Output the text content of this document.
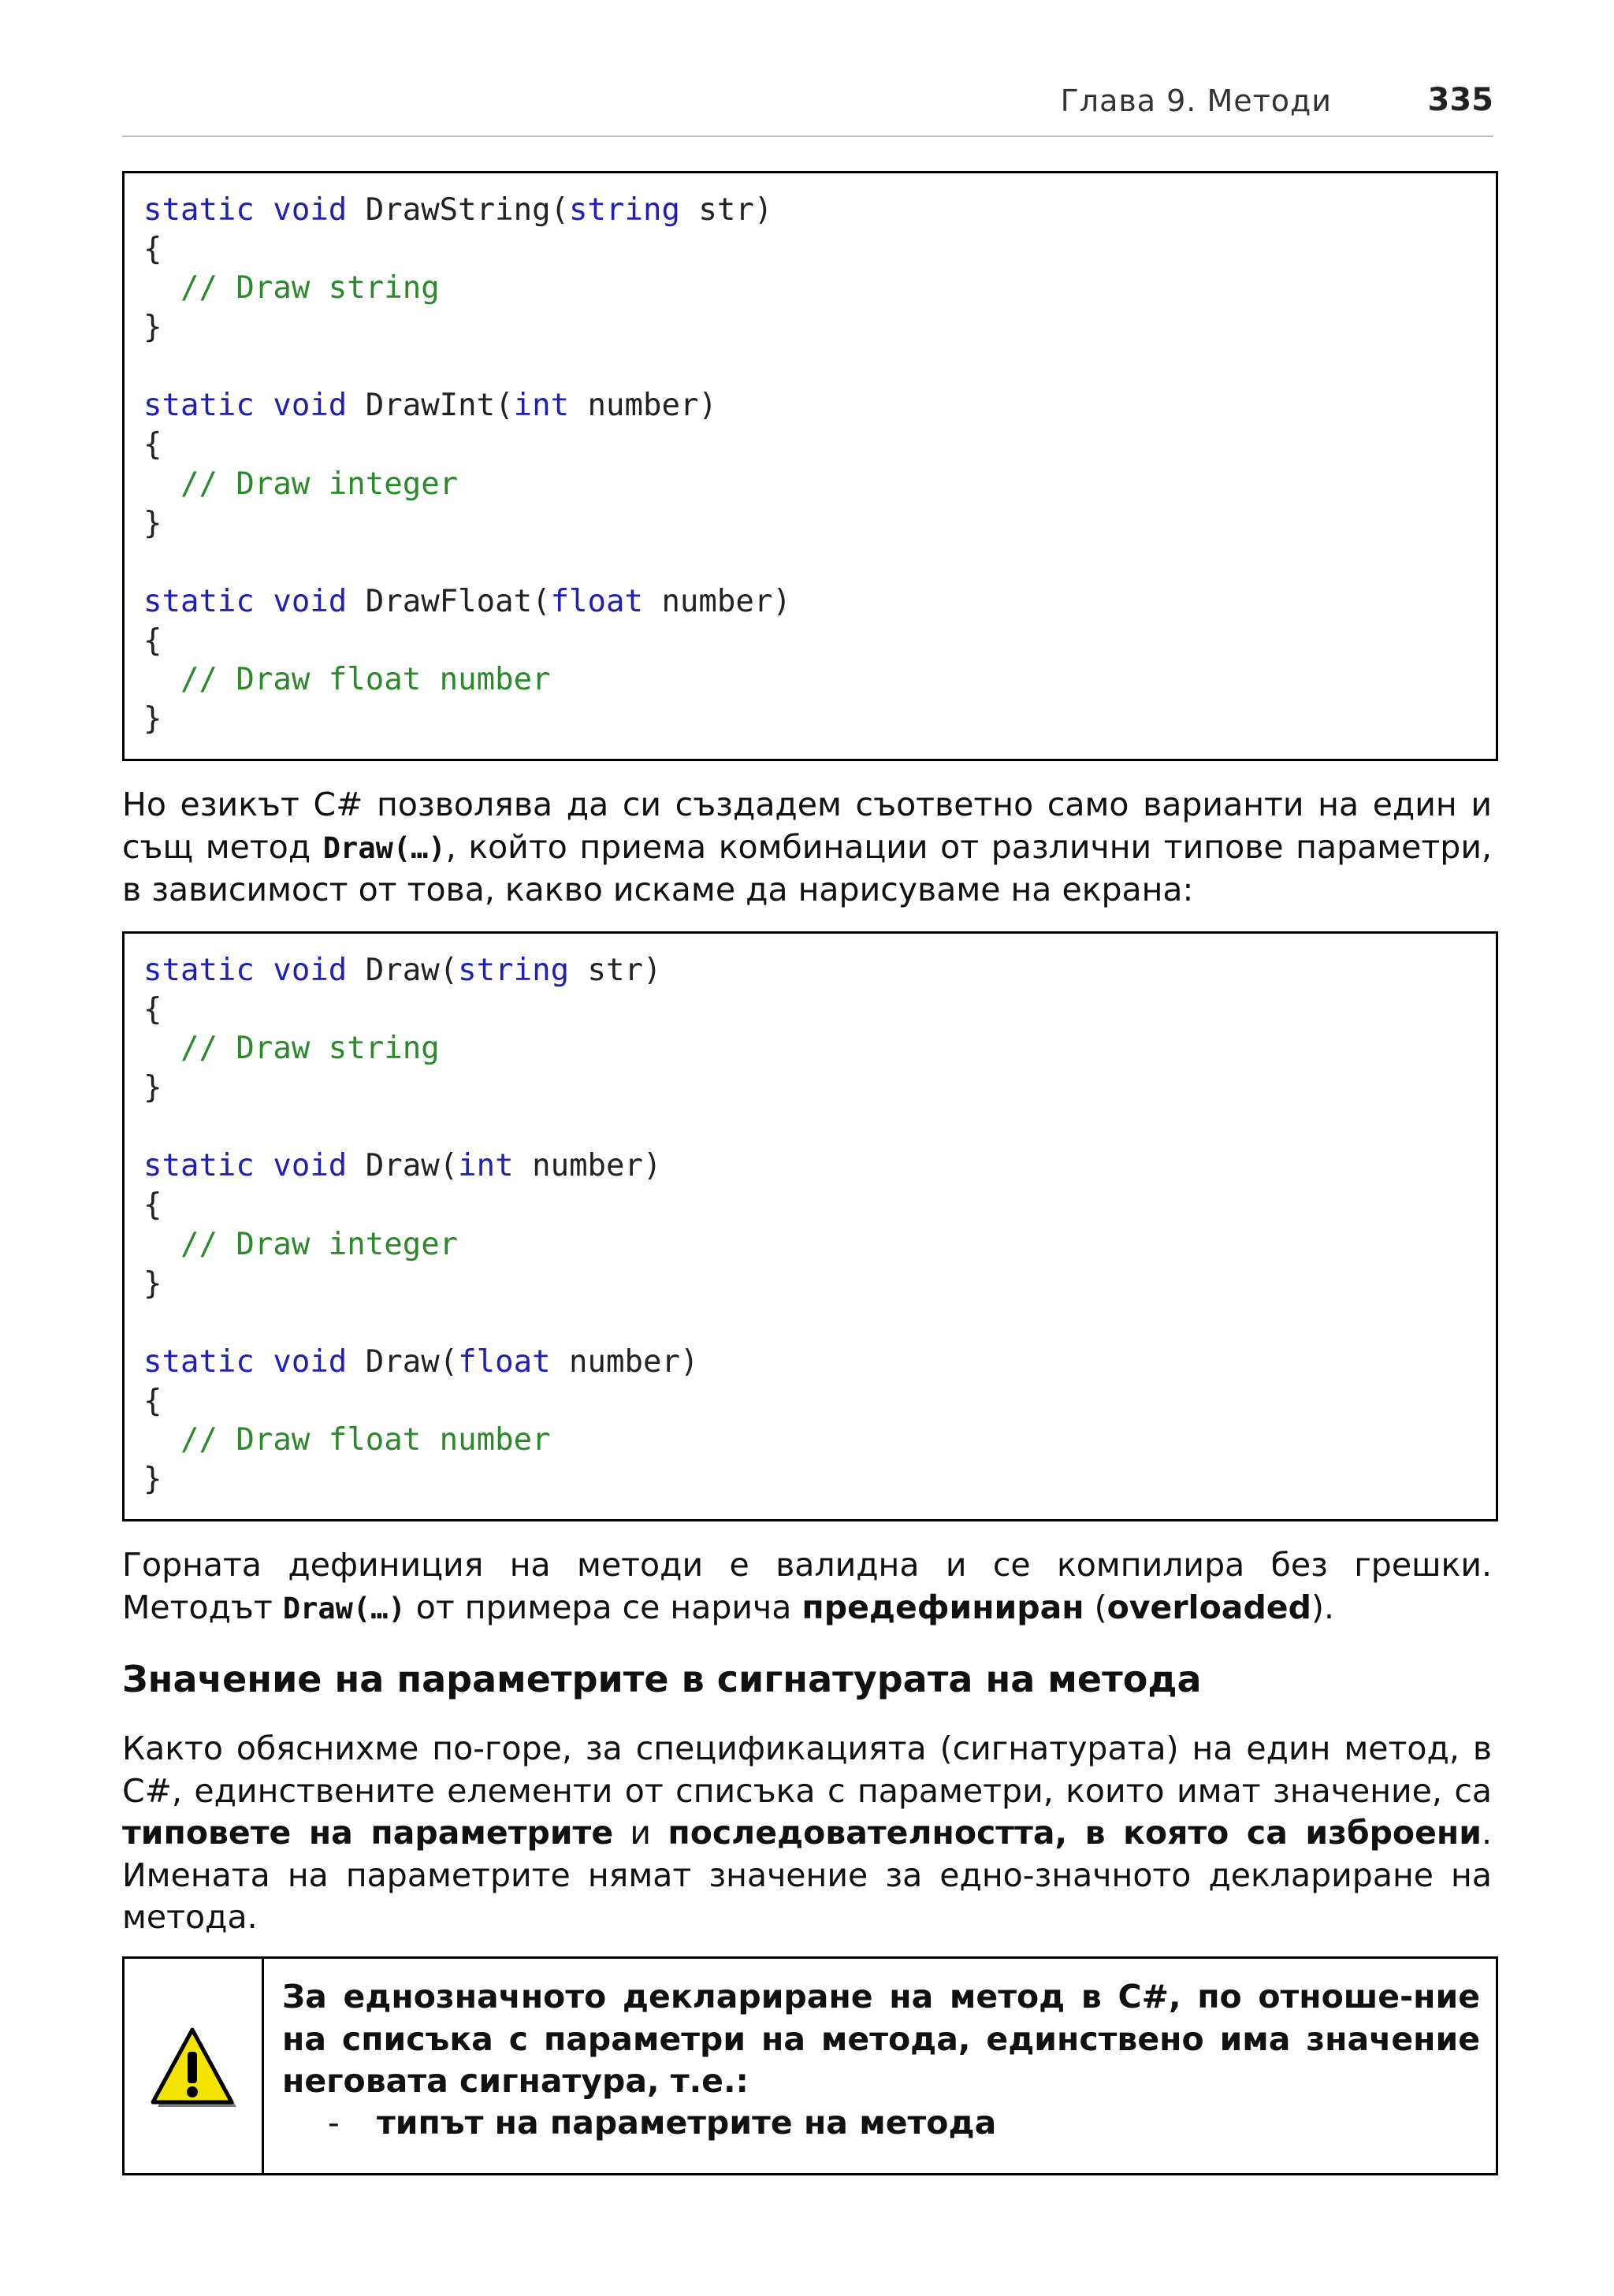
Глава 9. Методи	335
static void DrawString(string str)
{
// Draw string
}
static void DrawInt(int number)
{
// Draw integer
}
static void DrawFloat(float number)
{
// Draw float number
}
Но езикът C# позволява да си създадем съответно само варианти на един и същ метод Draw(…), който приема комбинации от различни типове параметри, в зависимост от това, какво искаме да нарисуваме на екрана:
static void Draw(string str)
{
// Draw string
}
static void Draw(int number)
{
// Draw integer
}
static void Draw(float number)
{
// Draw float number
}
Горната дефиниция на методи е валидна и се компилира без грешки. Методът Draw(…) от примера се нарича предефиниран (overloaded).
Значение на параметрите в сигнатурата на метода
Както обяснихме по-горе, за спецификацията (сигнатурата) на един метод, в C#, единствените елементи от списъка с параметри, които имат значение, са типовете на параметрите и последователността, в която са изброени. Имената на параметрите нямат значение за едно-значното деклариране на метода.
За еднозначното деклариране на метод в C#, по отноше-ние на списъка с параметри на метода, единствено има значение неговата сигнатура, т.е.:
- типът на параметрите на метода
